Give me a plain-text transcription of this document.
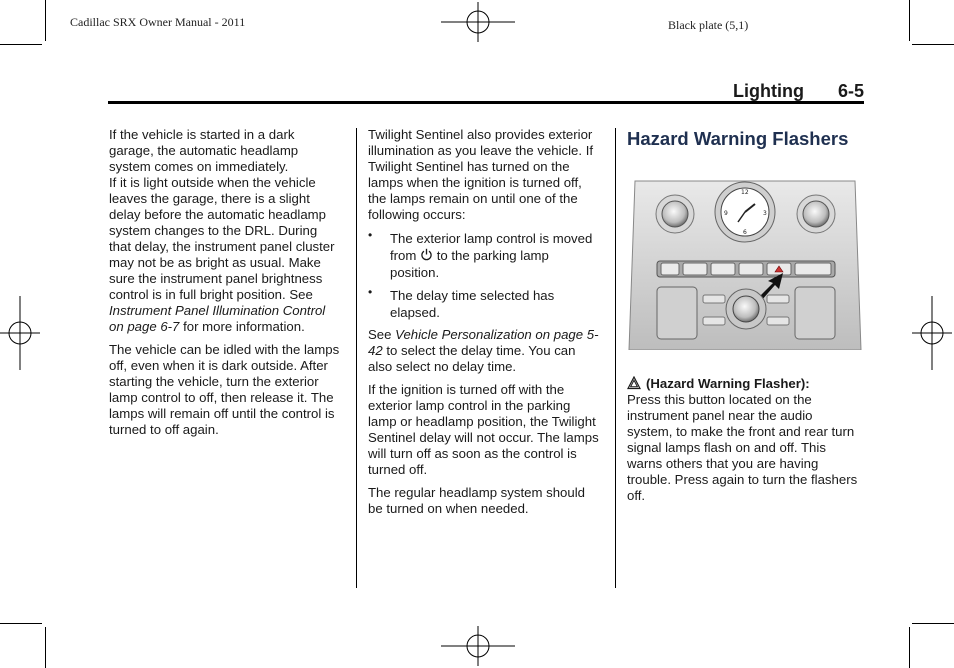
Cadillac SRX Owner Manual - 2011	Black plate (5,1)
Lighting 6-5

If the vehicle is started in a dark garage, the automatic headlamp system comes on immediately.

If it is light outside when the vehicle leaves the garage, there is a slight delay before the automatic headlamp system changes to the DRL. During that delay, the instrument panel cluster may not be as bright as usual. Make sure the instrument panel brightness control is in full bright position. See Instrument Panel Illumination Control on page 6-7 for more information.

The vehicle can be idled with the lamps off, even when it is dark outside. After starting the vehicle, turn the exterior lamp control to off, then release it. The lamps will remain off until the control is turned to off again.

Twilight Sentinel also provides exterior illumination as you leave the vehicle. If Twilight Sentinel has turned on the lamps when the ignition is turned off, the lamps remain on until one of the following occurs:

• The exterior lamp control is moved from  to the parking lamp position.
• The delay time selected has elapsed.

See Vehicle Personalization on page 5-42 to select the delay time. You can also select no delay time.

If the ignition is turned off with the exterior lamp control in the parking lamp or headlamp position, the Twilight Sentinel delay will not occur. The lamps will turn off as soon as the control is turned off.

The regular headlamp system should be turned on when needed.

Hazard Warning Flashers
12
6
9	3

(Hazard Warning Flasher):

Press this button located on the instrument panel near the audio system, to make the front and rear turn signal lamps flash on and off. This warns others that you are having trouble. Press again to turn the flashers off.
